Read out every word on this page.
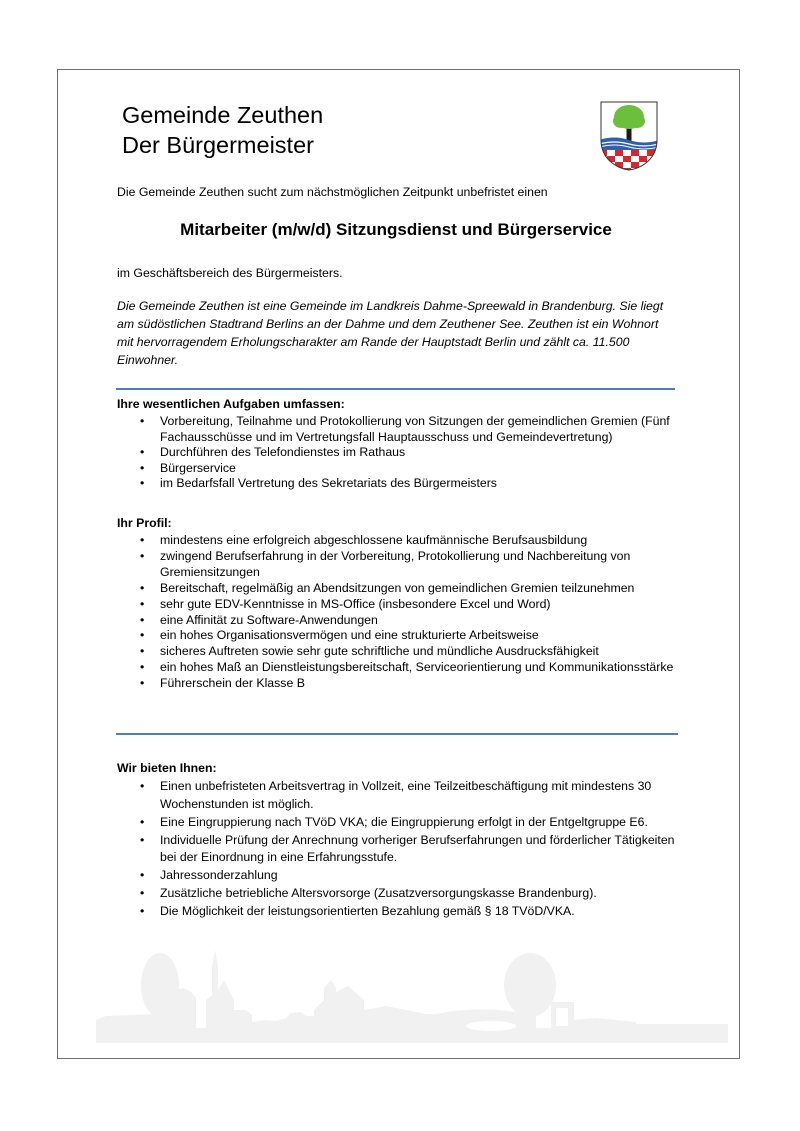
Gemeinde Zeuthen
Der Bürgermeister
Die Gemeinde Zeuthen sucht zum nächstmöglichen Zeitpunkt unbefristet einen
Mitarbeiter (m/w/d) Sitzungsdienst und Bürgerservice
im Geschäftsbereich des Bürgermeisters.
Die Gemeinde Zeuthen ist eine Gemeinde im Landkreis Dahme-Spreewald in Brandenburg. Sie liegt am südöstlichen Stadtrand Berlins an der Dahme und dem Zeuthener See. Zeuthen ist ein Wohnort mit hervorragendem Erholungscharakter am Rande der Hauptstadt Berlin und zählt ca. 11.500 Einwohner.
Ihre wesentlichen Aufgaben umfassen:
• Vorbereitung, Teilnahme und Protokollierung von Sitzungen der gemeindlichen Gremien (Fünf Fachausschüsse und im Vertretungsfall Hauptausschuss und Gemeindevertretung)
• Durchführen des Telefondienstes im Rathaus
• Bürgerservice
• im Bedarfsfall Vertretung des Sekretariats des Bürgermeisters
Ihr Profil:
• mindestens eine erfolgreich abgeschlossene kaufmännische Berufsausbildung
• zwingend Berufserfahrung in der Vorbereitung, Protokollierung und Nachbereitung von Gremiensitzungen
• Bereitschaft, regelmäßig an Abendsitzungen von gemeindlichen Gremien teilzunehmen
• sehr gute EDV-Kenntnisse in MS-Office (insbesondere Excel und Word)
• eine Affinität zu Software-Anwendungen
• ein hohes Organisationsvermögen und eine strukturierte Arbeitsweise
• sicheres Auftreten sowie sehr gute schriftliche und mündliche Ausdrucksfähigkeit
• ein hohes Maß an Dienstleistungsbereitschaft, Serviceorientierung und Kommunikationsstärke
• Führerschein der Klasse B
Wir bieten Ihnen:
• Einen unbefristeten Arbeitsvertrag in Vollzeit, eine Teilzeitbeschäftigung mit mindestens 30 Wochenstunden ist möglich.
• Eine Eingruppierung nach TVöD VKA; die Eingruppierung erfolgt in der Entgeltgruppe E6.
• Individuelle Prüfung der Anrechnung vorheriger Berufserfahrungen und förderlicher Tätigkeiten bei der Einordnung in eine Erfahrungsstufe.
• Jahressonderzahlung
• Zusätzliche betriebliche Altersvorsorge (Zusatzversorgungskasse Brandenburg).
• Die Möglichkeit der leistungsorientierten Bezahlung gemäß § 18 TVöD/VKA.
